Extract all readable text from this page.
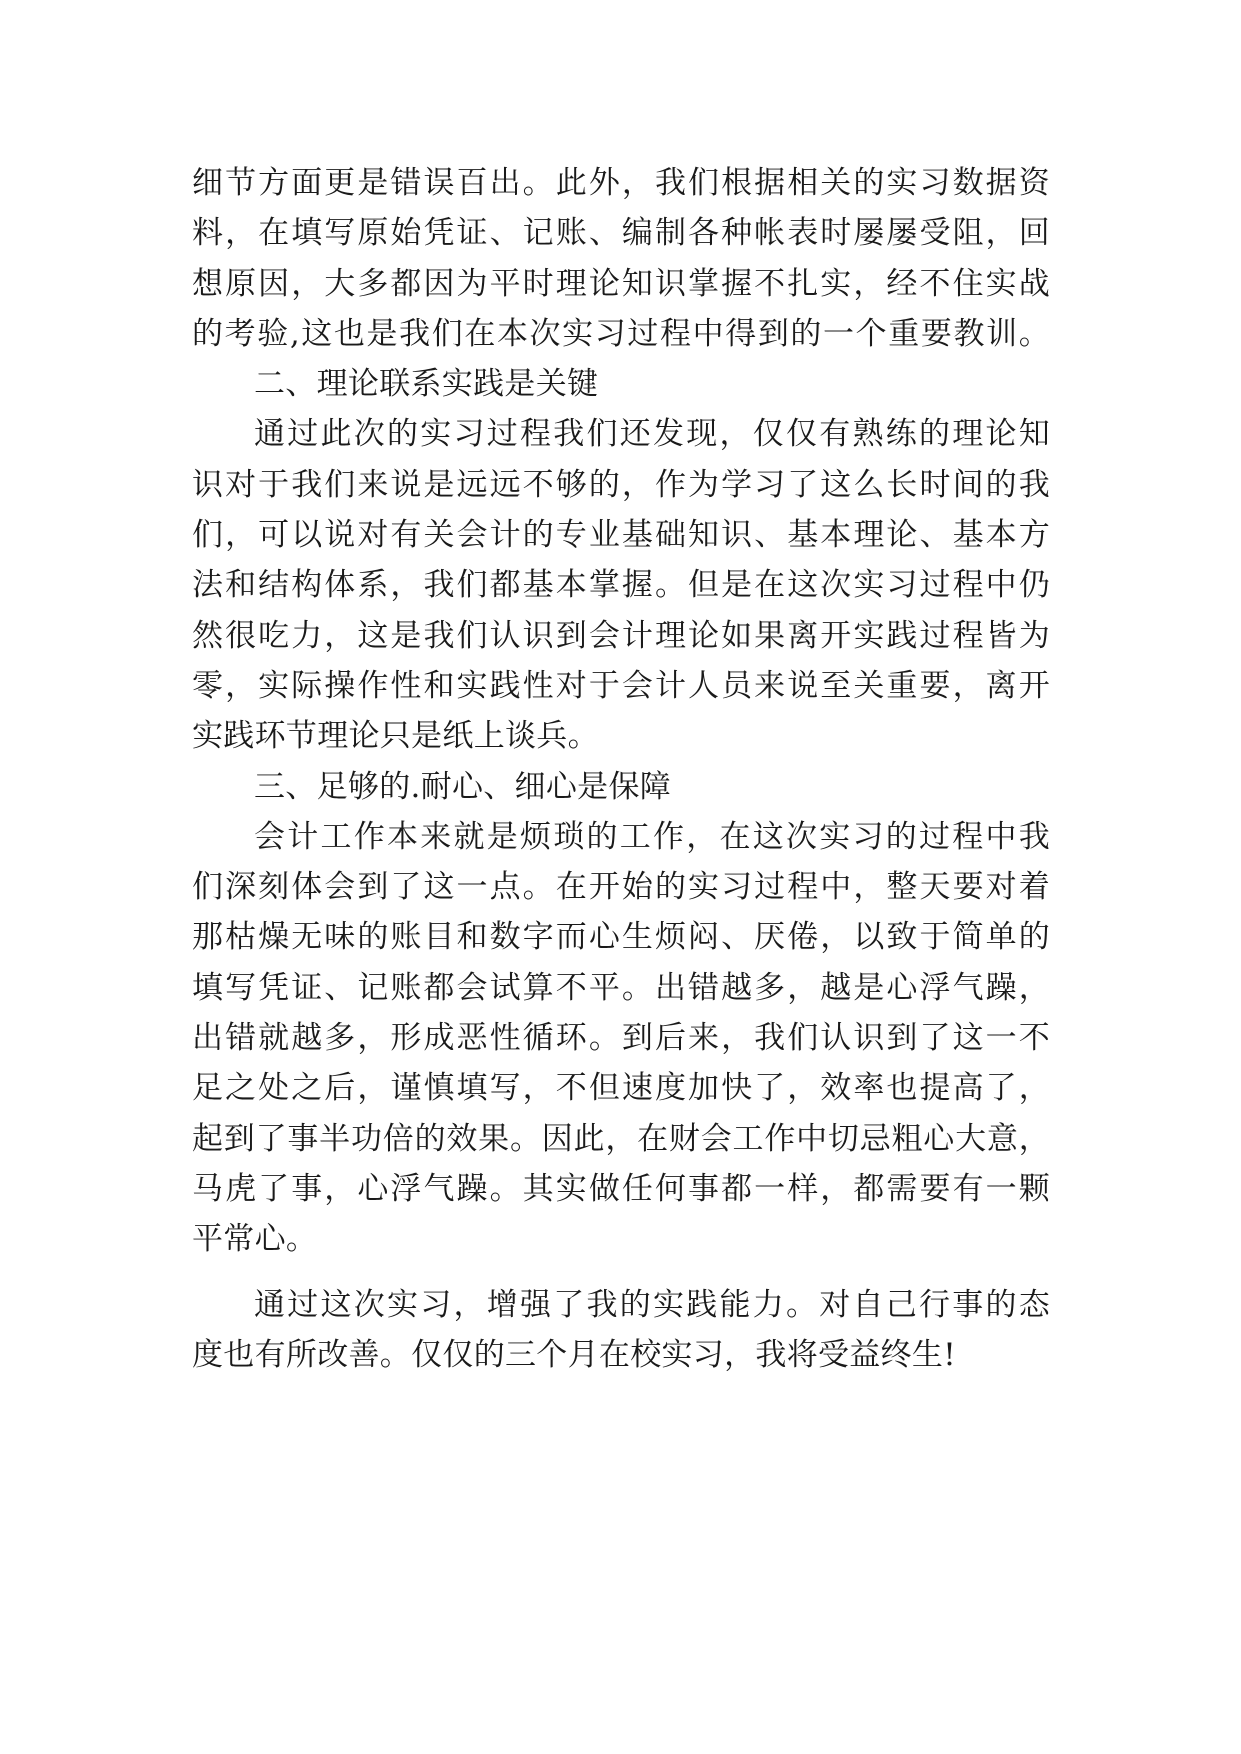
细节方面更是错误百出。此外，我们根据相关的实习数据资
料，在填写原始凭证、记账、编制各种帐表时屡屡受阻，回
想原因，大多都因为平时理论知识掌握不扎实，经不住实战
的考验,这也是我们在本次实习过程中得到的一个重要教训。
二、理论联系实践是关键
通过此次的实习过程我们还发现，仅仅有熟练的理论知
识对于我们来说是远远不够的，作为学习了这么长时间的我
们，可以说对有关会计的专业基础知识、基本理论、基本方
法和结构体系，我们都基本掌握。但是在这次实习过程中仍
然很吃力，这是我们认识到会计理论如果离开实践过程皆为
零，实际操作性和实践性对于会计人员来说至关重要，离开
实践环节理论只是纸上谈兵。
三、足够的.耐心、细心是保障
会计工作本来就是烦琐的工作，在这次实习的过程中我
们深刻体会到了这一点。在开始的实习过程中，整天要对着
那枯燥无味的账目和数字而心生烦闷、厌倦，以致于简单的
填写凭证、记账都会试算不平。出错越多，越是心浮气躁，
出错就越多，形成恶性循环。到后来，我们认识到了这一不
足之处之后，谨慎填写，不但速度加快了，效率也提高了，
起到了事半功倍的效果。因此，在财会工作中切忌粗心大意，
马虎了事，心浮气躁。其实做任何事都一样，都需要有一颗
平常心。
通过这次实习，增强了我的实践能力。对自己行事的态
度也有所改善。仅仅的三个月在校实习，我将受益终生!
